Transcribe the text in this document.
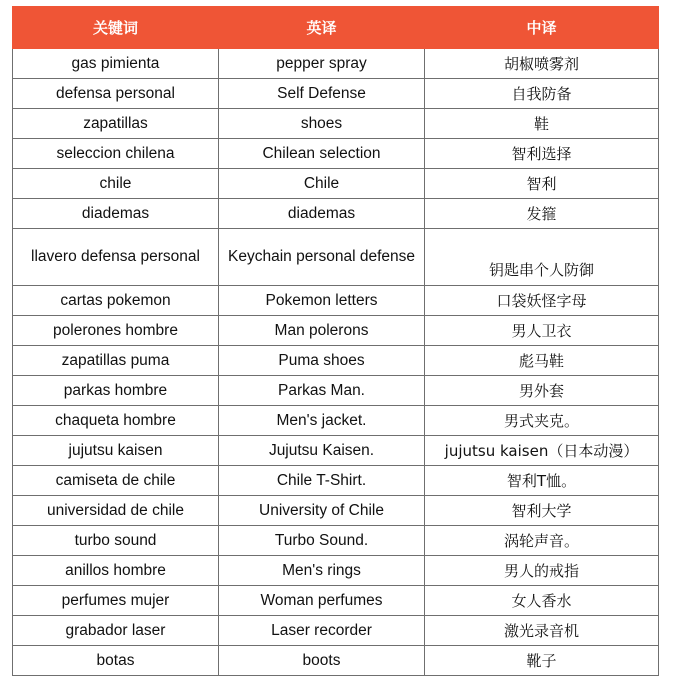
关键词	英译	中译
gas pimienta	pepper spray	胡椒喷雾剂
defensa personal	Self Defense	自我防备
zapatillas	shoes	鞋
seleccion chilena	Chilean selection	智利选择
chile	Chile	智利
diademas	diademas	发箍
llavero defensa personal	Keychain personal defense	钥匙串个人防御
cartas pokemon	Pokemon letters	口袋妖怪字母
polerones hombre	Man polerons	男人卫衣
zapatillas puma	Puma shoes	彪马鞋
parkas hombre	Parkas Man.	男外套
chaqueta hombre	Men's jacket.	男式夹克。
jujutsu kaisen	Jujutsu Kaisen.	jujutsu kaisen（日本动漫）
camiseta de chile	Chile T-Shirt.	智利T恤。
universidad de chile	University of Chile	智利大学
turbo sound	Turbo Sound.	涡轮声音。
anillos hombre	Men's rings	男人的戒指
perfumes mujer	Woman perfumes	女人香水
grabador laser	Laser recorder	激光录音机
botas	boots	靴子
